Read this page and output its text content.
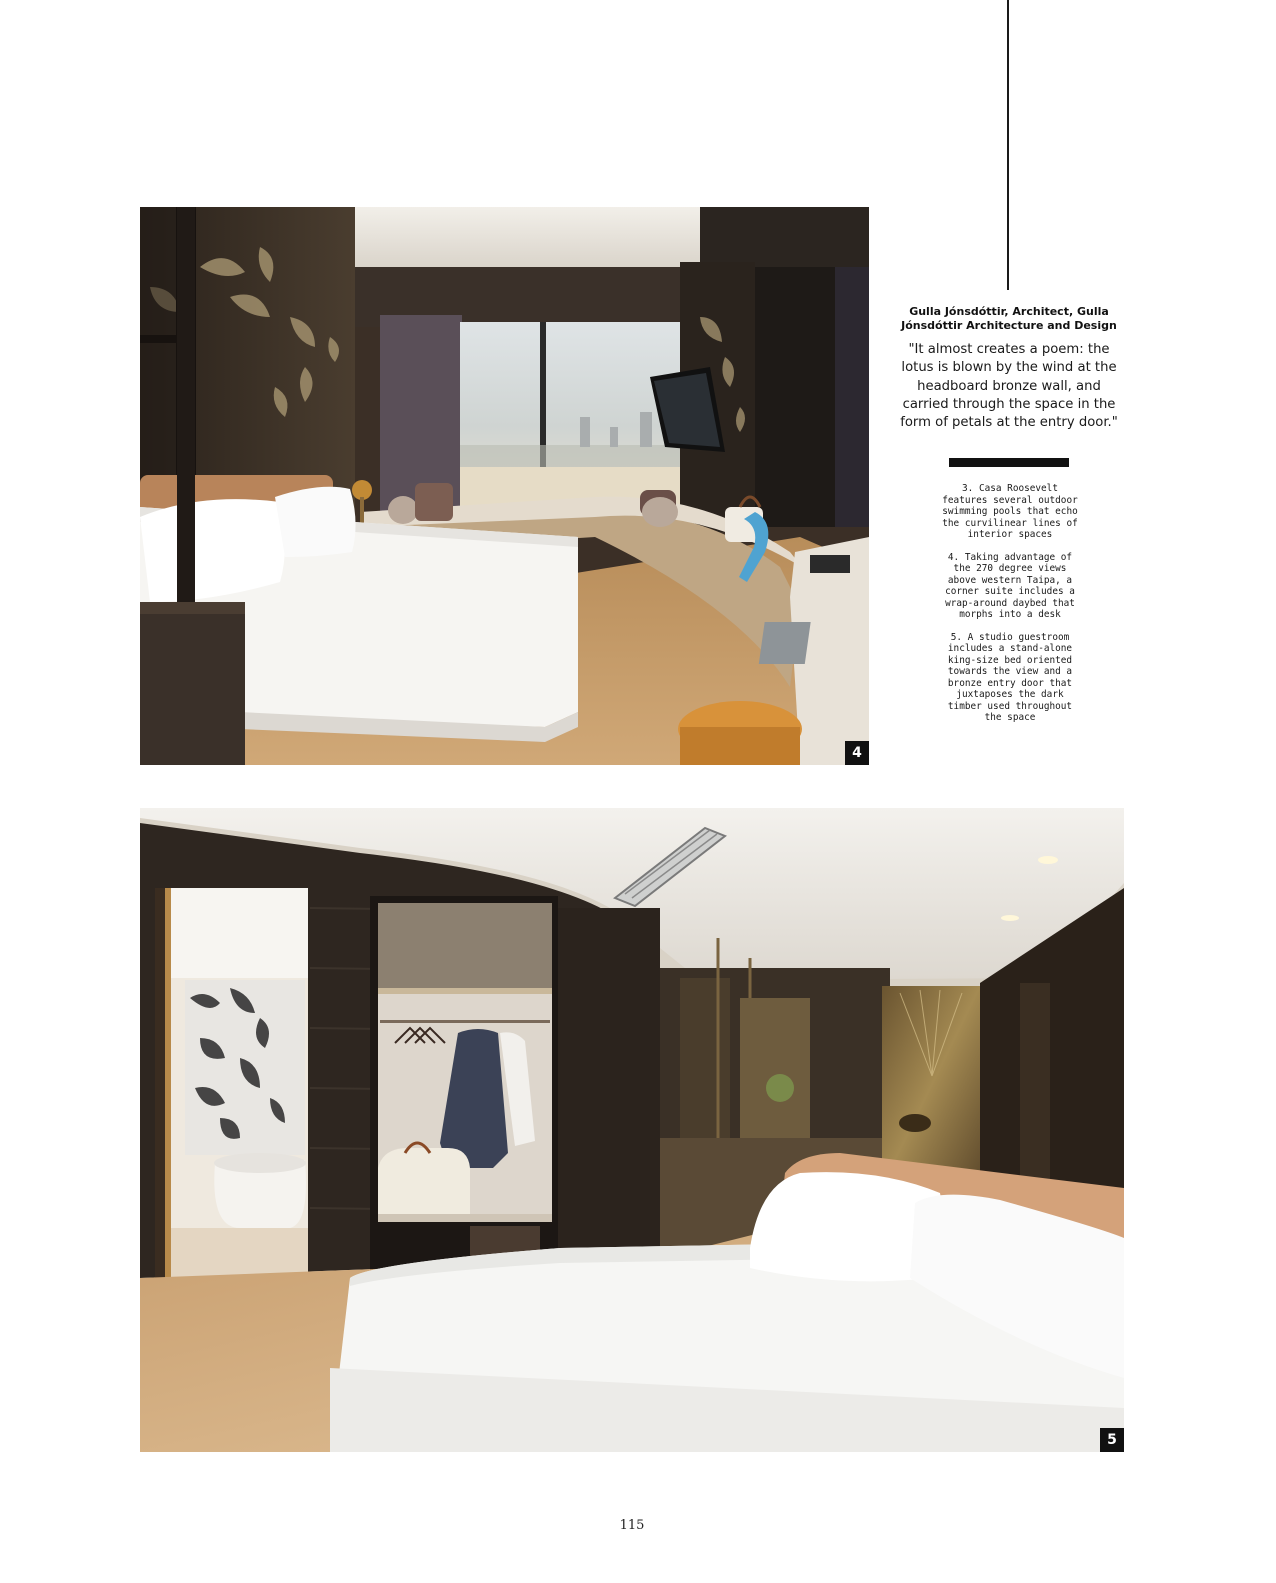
4
Gulla Jónsdóttir, Architect, Gulla
Jónsdóttir Architecture and Design
"It almost creates a poem: the lotus is blown by the wind at the headboard bronze wall, and carried through the space in the form of petals at the entry door."

3. Casa Roosevelt features several outdoor swimming pools that echo the curvilinear lines of interior spaces

4. Taking advantage of the 270 degree views above western Taipa, a corner suite includes a wrap-around daybed that morphs into a desk

5. A studio guestroom includes a stand-alone king-size bed oriented towards the view and a bronze entry door that juxtaposes the dark timber used throughout the space

5
115
